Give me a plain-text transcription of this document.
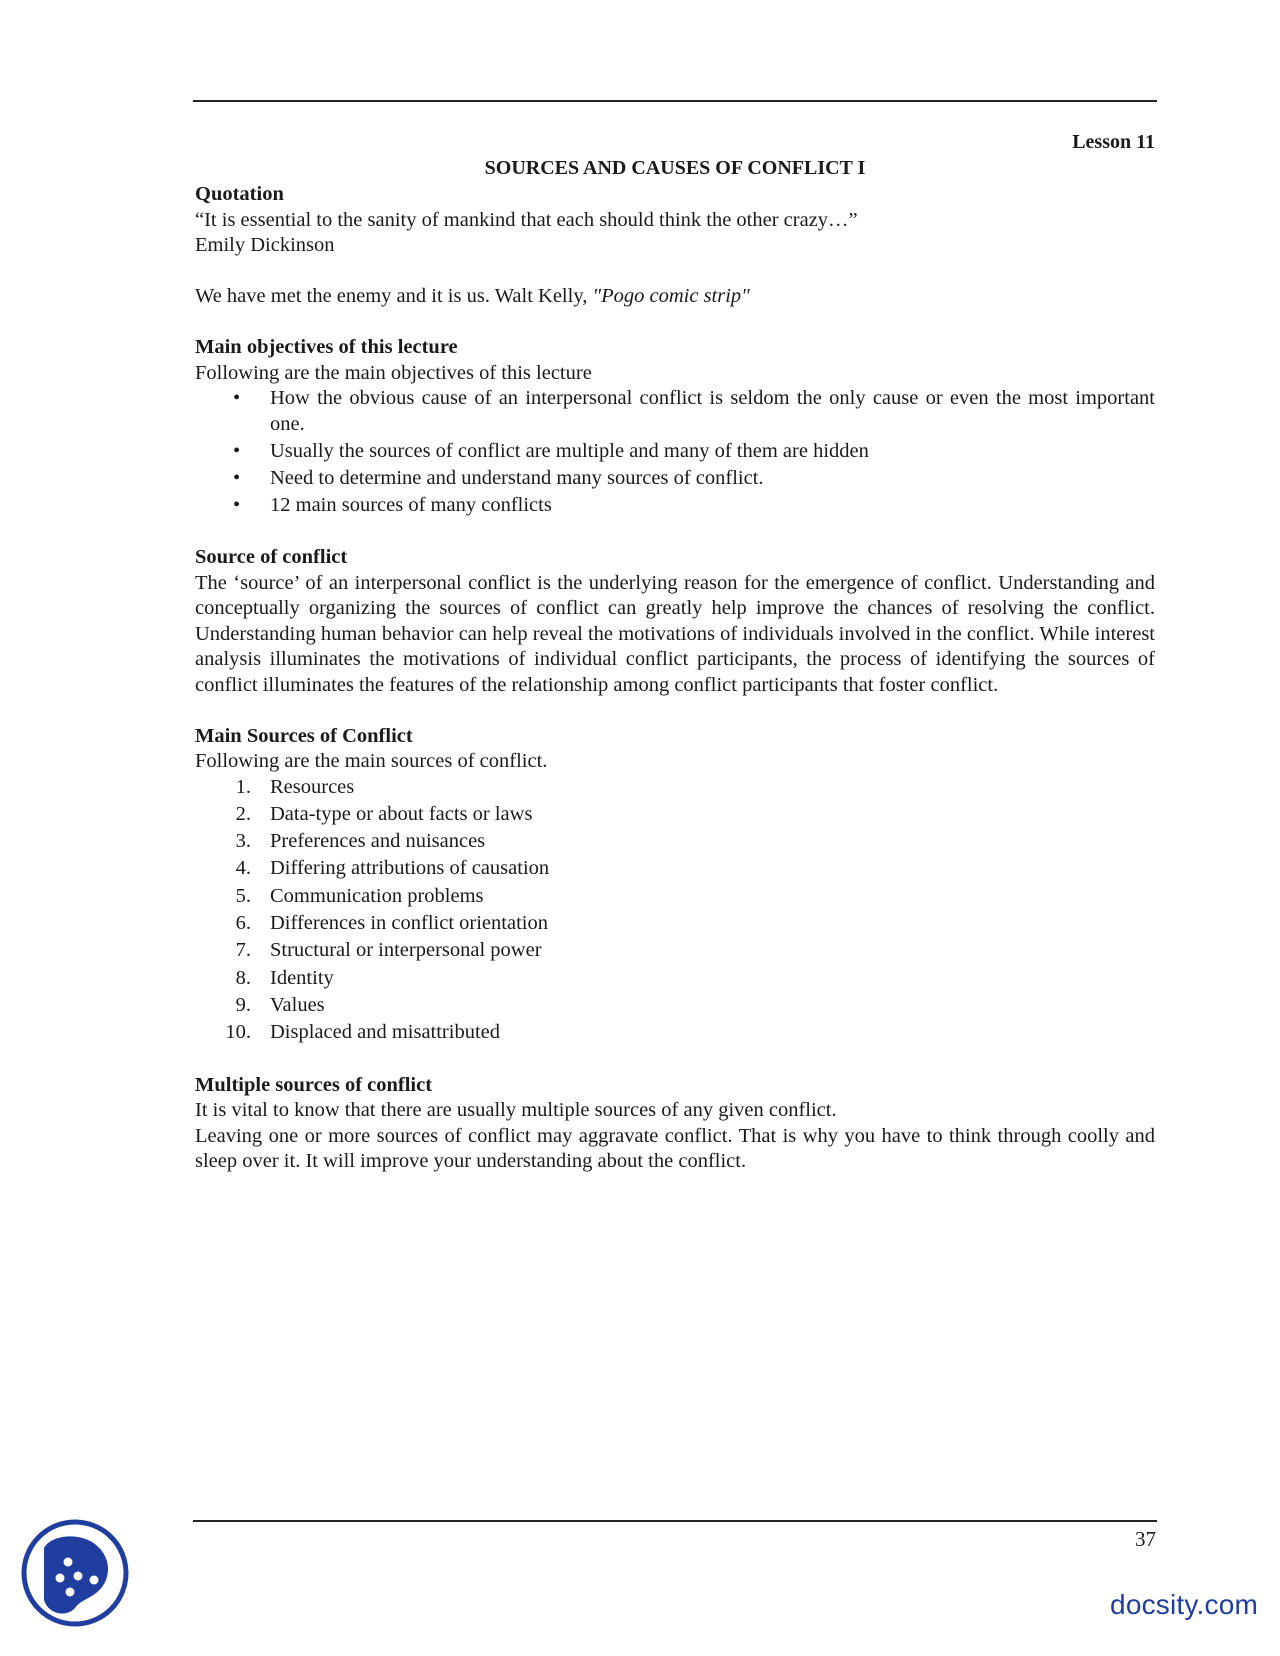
Lesson 11
SOURCES AND CAUSES OF CONFLICT I

Quotation

“It is essential to the sanity of mankind that each should think the other crazy…”

Emily Dickinson

We have met the enemy and it is us. Walt Kelly, "Pogo comic strip"

Main objectives of this lecture

Following are the main objectives of this lecture

• How the obvious cause of an interpersonal conflict is seldom the only cause or even the most important one.
• Usually the sources of conflict are multiple and many of them are hidden
• Need to determine and understand many sources of conflict.
• 12 main sources of many conflicts

Source of conflict

The ‘source’ of an interpersonal conflict is the underlying reason for the emergence of conflict. Understanding and conceptually organizing the sources of conflict can greatly help improve the chances of resolving the conflict. Understanding human behavior can help reveal the motivations of individuals involved in the conflict. While interest analysis illuminates the motivations of individual conflict participants, the process of identifying the sources of conflict illuminates the features of the relationship among conflict participants that foster conflict.

Main Sources of Conflict

Following are the main sources of conflict.

1. Resources
2. Data-type or about facts or laws
3. Preferences and nuisances
4. Differing attributions of causation
5. Communication problems
6. Differences in conflict orientation
7. Structural or interpersonal power
8. Identity
9. Values
10. Displaced and misattributed

Multiple sources of conflict

It is vital to know that there are usually multiple sources of any given conflict.

Leaving one or more sources of conflict may aggravate conflict. That is why you have to think through coolly and sleep over it. It will improve your understanding about the conflict.

37
docsity.com
